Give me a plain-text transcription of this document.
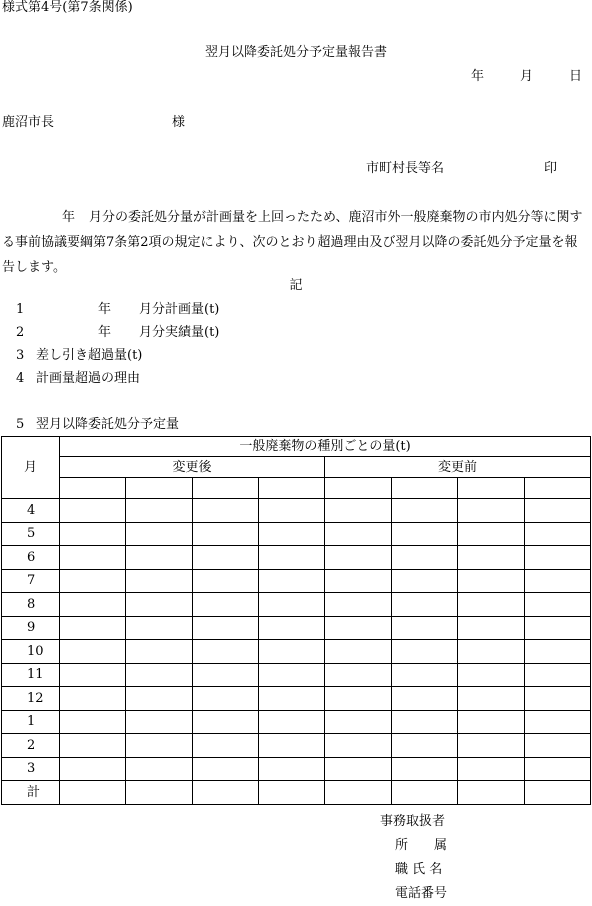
様式第4号(第7条関係)
翌月以降委託処分予定量報告書
年	月	日
鹿沼市長	様
市町村長等名	印
年 月分の委託処分量が計画量を上回ったため、鹿沼市外一般廃棄物の市内処分等に関する事前協議要綱第7条第2項の規定により、次のとおり超過理由及び翌月以降の委託処分予定量を報告します。
記
1	年 月分計画量(t)
2	年 月分実績量(t)
3 差し引き超過量(t)
4 計画量超過の理由
5 翌月以降委託処分予定量
月	一般廃棄物の種別ごとの量(t)							
	変更後				変更前			

4								
5								
6								
7								
8								
9								
10								
11								
12								
1								
2								
3								
計								
事務取扱者
所　　属
職 氏 名
電話番号
